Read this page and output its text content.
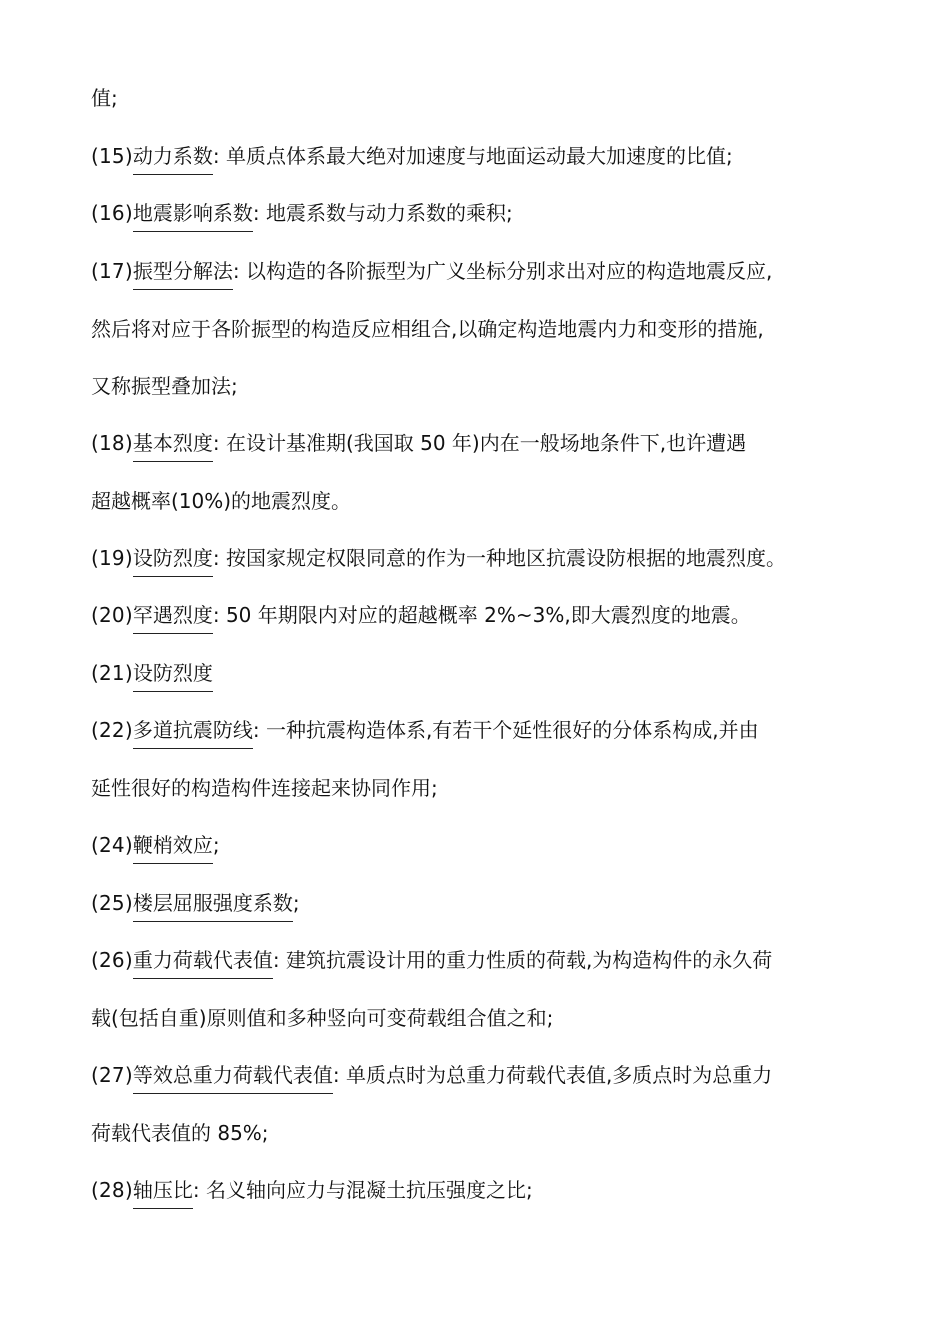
值;
(15)动力系数: 单质点体系最大绝对加速度与地面运动最大加速度的比值;
(16)地震影响系数: 地震系数与动力系数的乘积;
(17)振型分解法: 以构造的各阶振型为广义坐标分别求出对应的构造地震反应,
然后将对应于各阶振型的构造反应相组合,以确定构造地震内力和变形的措施,
又称振型叠加法;
(18)基本烈度: 在设计基准期(我国取 50 年)内在一般场地条件下,也许遭遇
超越概率(10%)的地震烈度。
(19)设防烈度: 按国家规定权限同意的作为一种地区抗震设防根据的地震烈度。
(20)罕遇烈度: 50 年期限内对应的超越概率 2%~3%,即大震烈度的地震。
(21)设防烈度
(22)多道抗震防线: 一种抗震构造体系,有若干个延性很好的分体系构成,并由
延性很好的构造构件连接起来协同作用;
(24)鞭梢效应;
(25)楼层屈服强度系数;
(26)重力荷载代表值: 建筑抗震设计用的重力性质的荷载,为构造构件的永久荷
载(包括自重)原则值和多种竖向可变荷载组合值之和;
(27)等效总重力荷载代表值: 单质点时为总重力荷载代表值,多质点时为总重力
荷载代表值的 85%;
(28)轴压比: 名义轴向应力与混凝土抗压强度之比;
